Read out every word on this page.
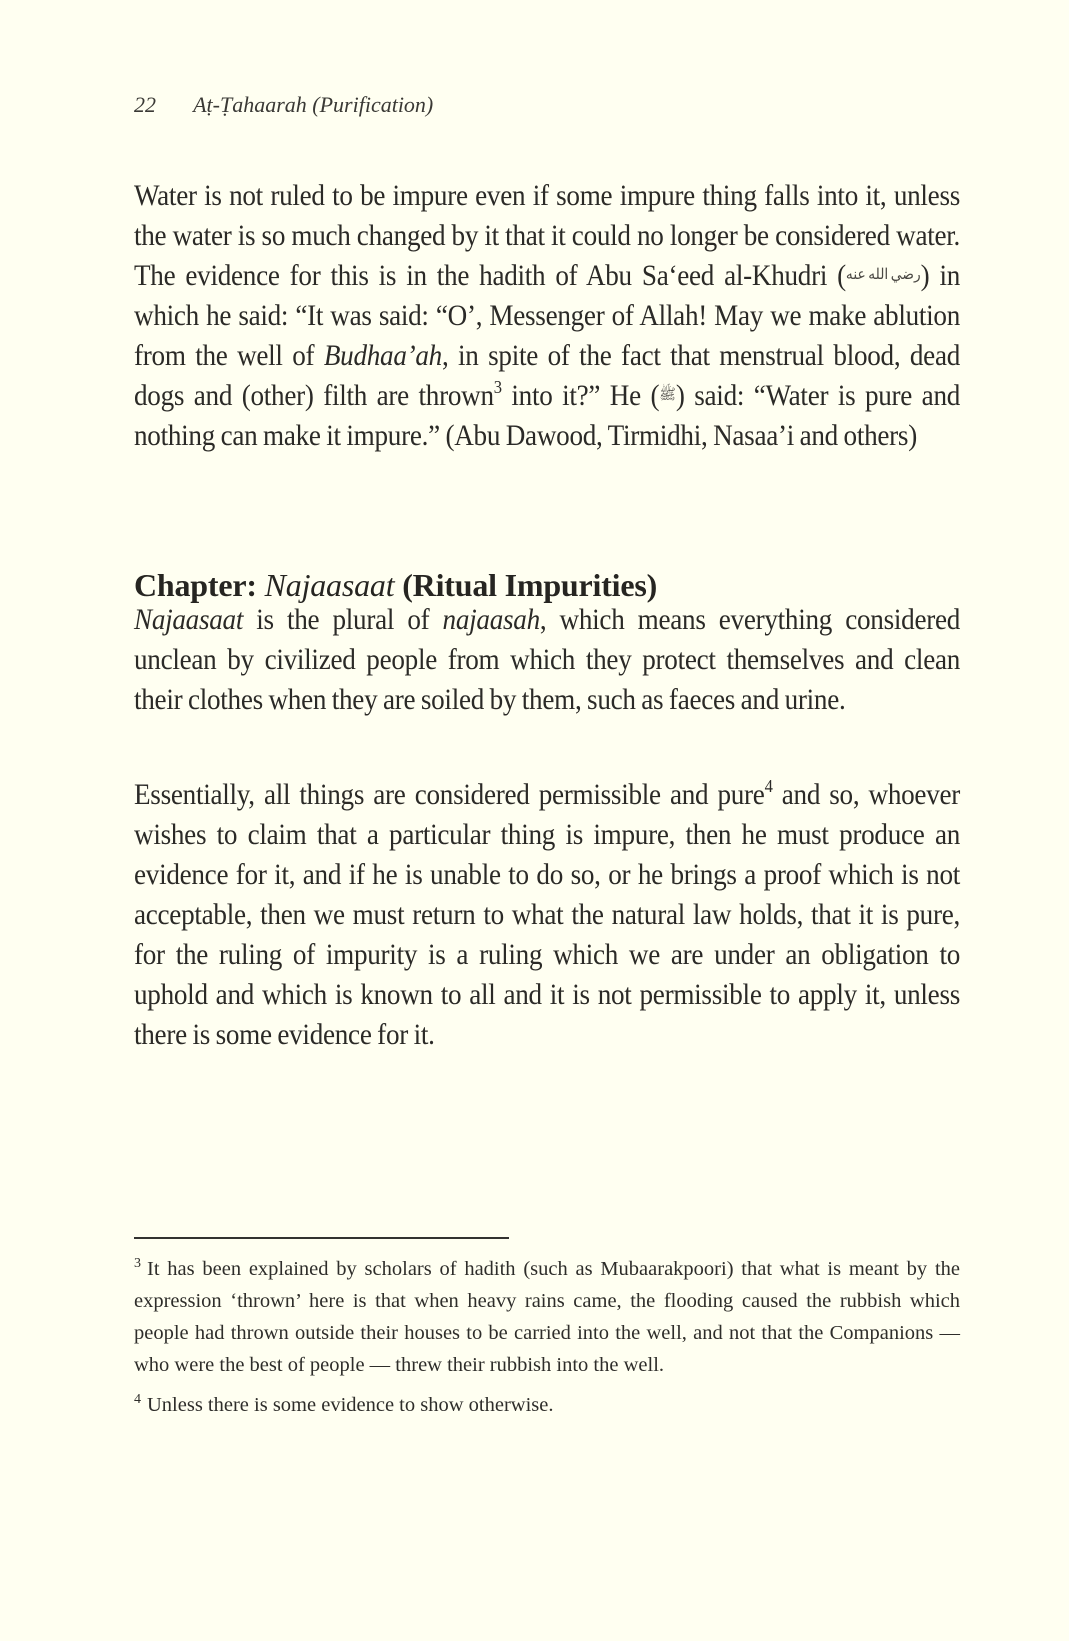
22 Aṭ-Ṭahaarah (Purification)

Water is not ruled to be impure even if some impure thing falls into it, unless the water is so much changed by it that it could no longer be considered water. The evidence for this is in the hadith of Abu Sa‘eed al-Khudri (رضي الله عنه) in which he said: “It was said: “O’, Messenger of Allah! May we make ablution from the well of Budhaa’ah, in spite of the fact that menstrual blood, dead dogs and (other) filth are thrown$^3$ into it?” He (ﷺ) said: “Water is pure and nothing can make it impure.” (Abu Dawood, Tirmidhi, Nasaa’i and others)

Chapter: Najaasaat (Ritual Impurities)

Najaasaat is the plural of najaasah, which means everything considered unclean by civilized people from which they protect themselves and clean their clothes when they are soiled by them, such as faeces and urine.

Essentially, all things are considered permissible and pure$^4$ and so, whoever wishes to claim that a particular thing is impure, then he must produce an evidence for it, and if he is unable to do so, or he brings a proof which is not acceptable, then we must return to what the natural law holds, that it is pure, for the ruling of impurity is a ruling which we are under an obligation to uphold and which is known to all and it is not permissible to apply it, unless there is some evidence for it.

$^3$ It has been explained by scholars of hadith (such as Mubaarakpoori) that what is meant by the expression ‘thrown’ here is that when heavy rains came, the flooding caused the rubbish which people had thrown outside their houses to be carried into the well, and not that the Companions — who were the best of people — threw their rubbish into the well.

$^4$ Unless there is some evidence to show otherwise.
